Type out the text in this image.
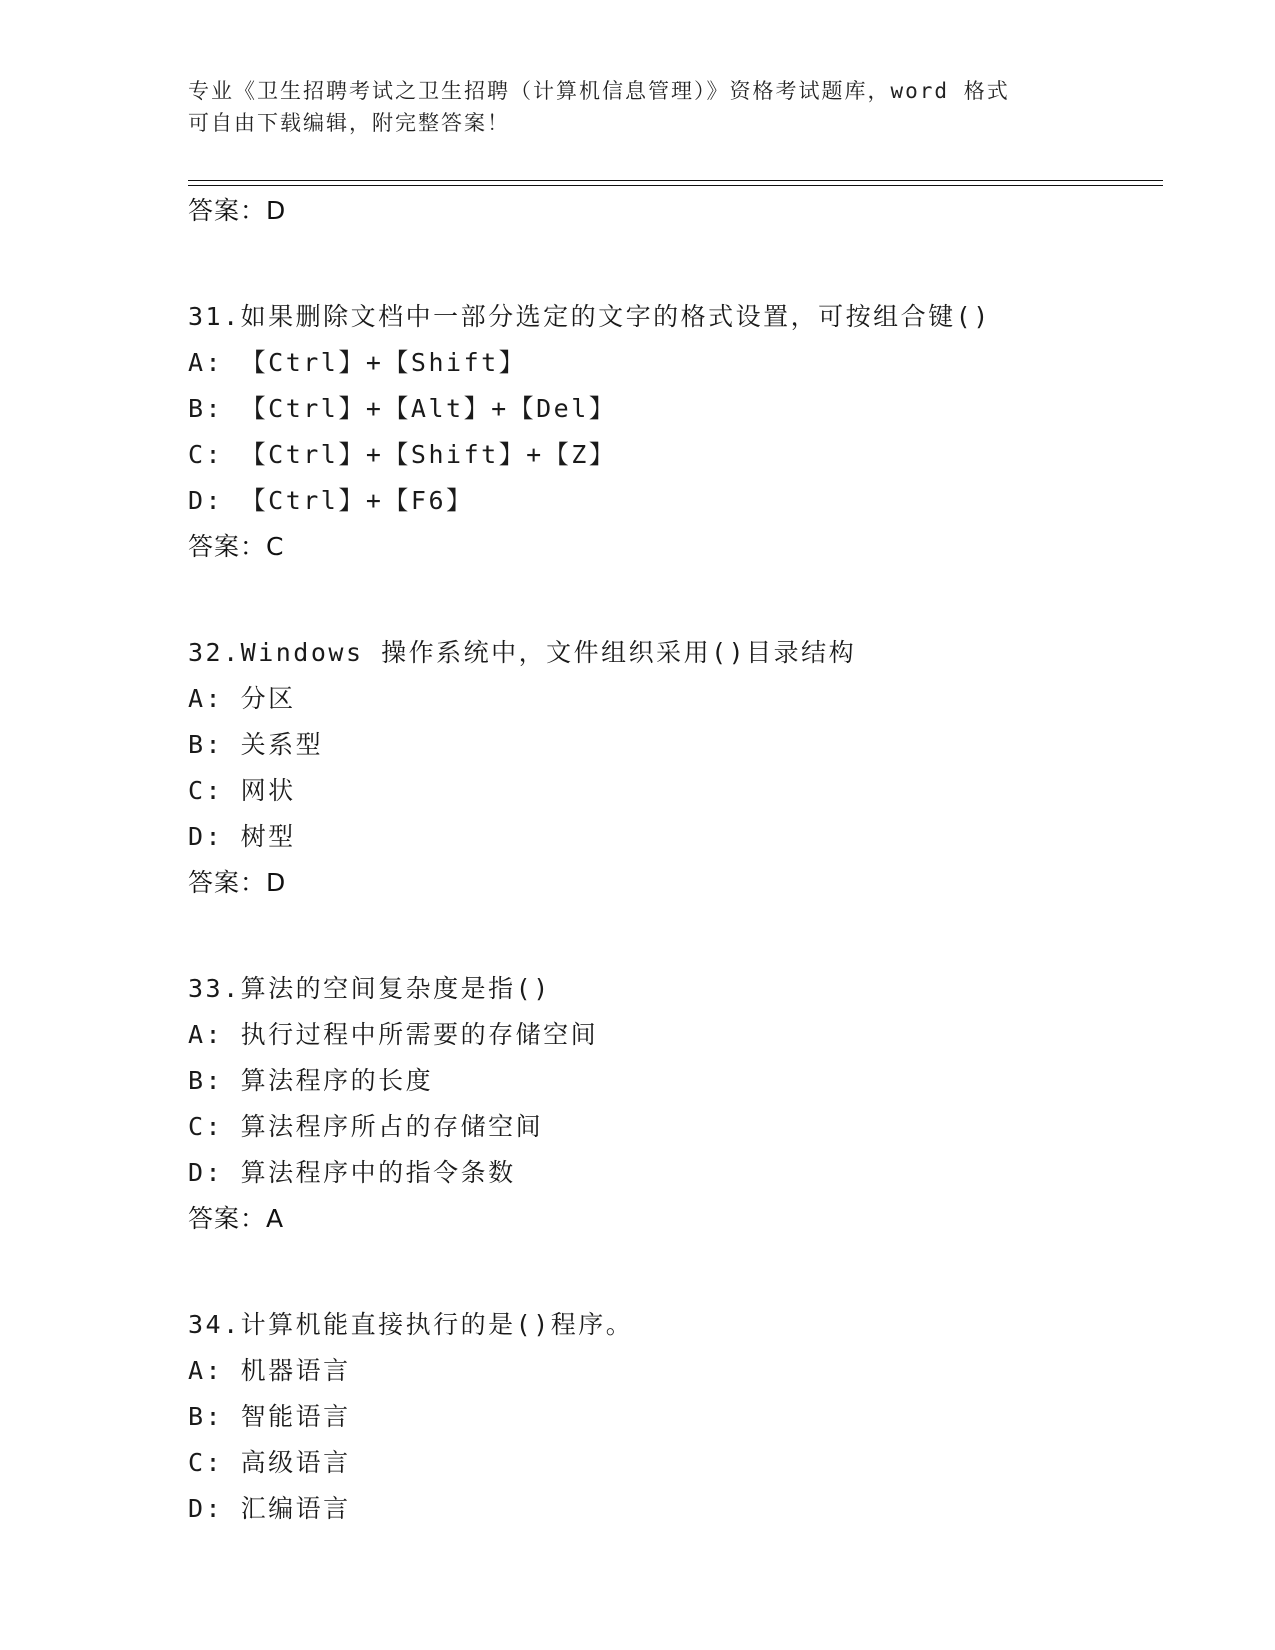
专业《卫生招聘考试之卫生招聘（计算机信息管理）》资格考试题库，word 格式
可自由下载编辑，附完整答案！
答案：D
31.如果删除文档中一部分选定的文字的格式设置，可按组合键()
A: 【Ctrl】+【Shift】
B: 【Ctrl】+【Alt】+【Del】
C: 【Ctrl】+【Shift】+【Z】
D: 【Ctrl】+【F6】
答案：C
32.Windows 操作系统中，文件组织采用()目录结构
A: 分区
B: 关系型
C: 网状
D: 树型
答案：D
33.算法的空间复杂度是指()
A: 执行过程中所需要的存储空间
B: 算法程序的长度
C: 算法程序所占的存储空间
D: 算法程序中的指令条数
答案：A
34.计算机能直接执行的是()程序。
A: 机器语言
B: 智能语言
C: 高级语言
D: 汇编语言
